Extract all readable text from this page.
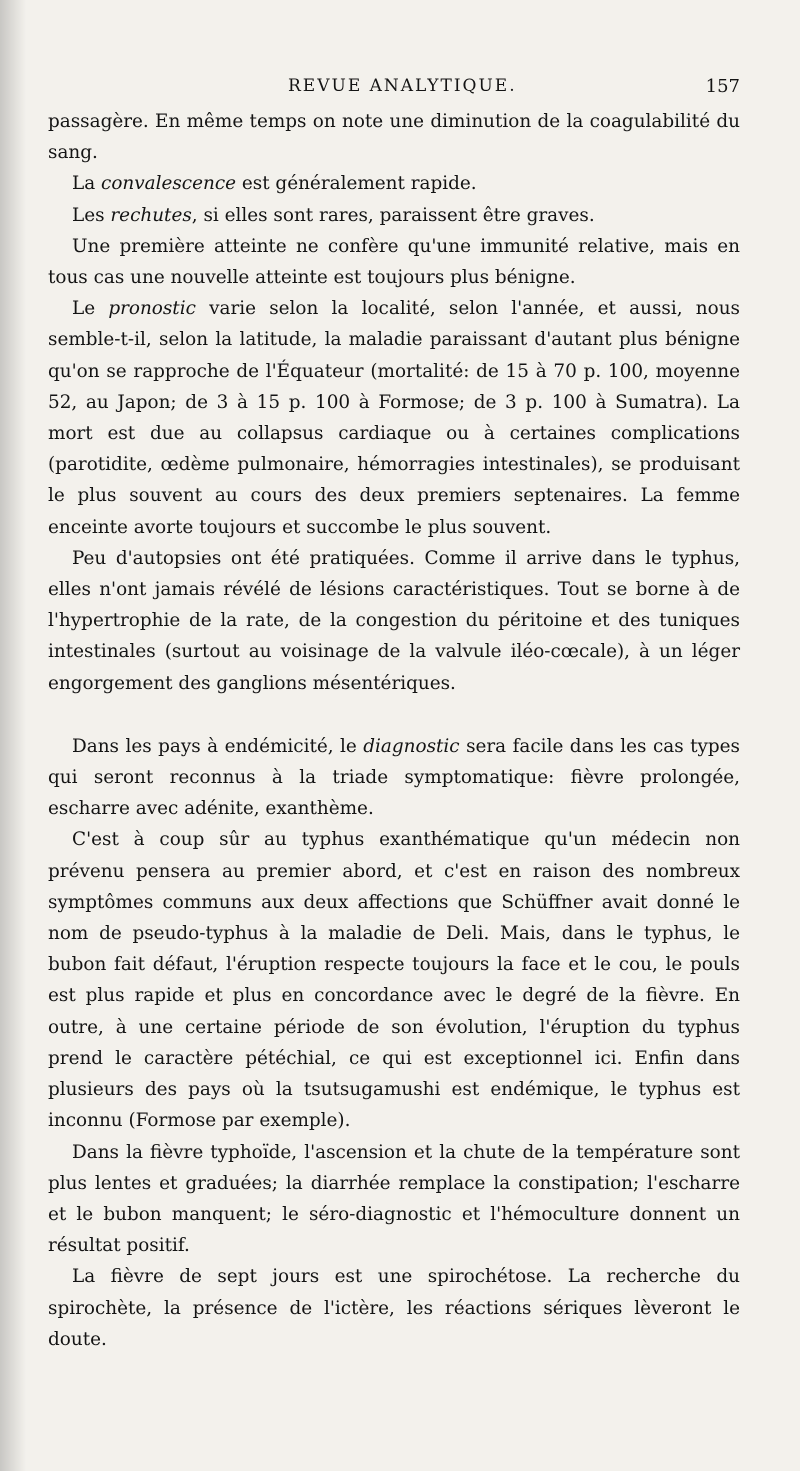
REVUE ANALYTIQUE.	157

passagère. En même temps on note une diminution de la coagulabilité du sang.

La convalescence est généralement rapide.

Les rechutes, si elles sont rares, paraissent être graves.

Une première atteinte ne confère qu'une immunité relative, mais en tous cas une nouvelle atteinte est toujours plus bénigne.

Le pronostic varie selon la localité, selon l'année, et aussi, nous semble-t-il, selon la latitude, la maladie paraissant d'autant plus bénigne qu'on se rapproche de l'Équateur (mortalité: de 15 à 70 p. 100, moyenne 52, au Japon; de 3 à 15 p. 100 à Formose; de 3 p. 100 à Sumatra). La mort est due au collapsus cardiaque ou à certaines complications (parotidite, œdème pulmonaire, hémorragies intestinales), se produisant le plus souvent au cours des deux premiers septenaires. La femme enceinte avorte toujours et succombe le plus souvent.

Peu d'autopsies ont été pratiquées. Comme il arrive dans le typhus, elles n'ont jamais révélé de lésions caractéristiques. Tout se borne à de l'hypertrophie de la rate, de la congestion du péritoine et des tuniques intestinales (surtout au voisinage de la valvule iléo-cœcale), à un léger engorgement des ganglions mésentériques.

Dans les pays à endémicité, le diagnostic sera facile dans les cas types qui seront reconnus à la triade symptomatique: fièvre prolongée, escharre avec adénite, exanthème.

C'est à coup sûr au typhus exanthématique qu'un médecin non prévenu pensera au premier abord, et c'est en raison des nombreux symptômes communs aux deux affections que Schüffner avait donné le nom de pseudo-typhus à la maladie de Deli. Mais, dans le typhus, le bubon fait défaut, l'éruption respecte toujours la face et le cou, le pouls est plus rapide et plus en concordance avec le degré de la fièvre. En outre, à une certaine période de son évolution, l'éruption du typhus prend le caractère pétéchial, ce qui est exceptionnel ici. Enfin dans plusieurs des pays où la tsutsugamushi est endémique, le typhus est inconnu (Formose par exemple).

Dans la fièvre typhoïde, l'ascension et la chute de la température sont plus lentes et graduées; la diarrhée remplace la constipation; l'escharre et le bubon manquent; le séro-diagnostic et l'hémoculture donnent un résultat positif.

La fièvre de sept jours est une spirochétose. La recherche du spirochète, la présence de l'ictère, les réactions sériques lèveront le doute.
